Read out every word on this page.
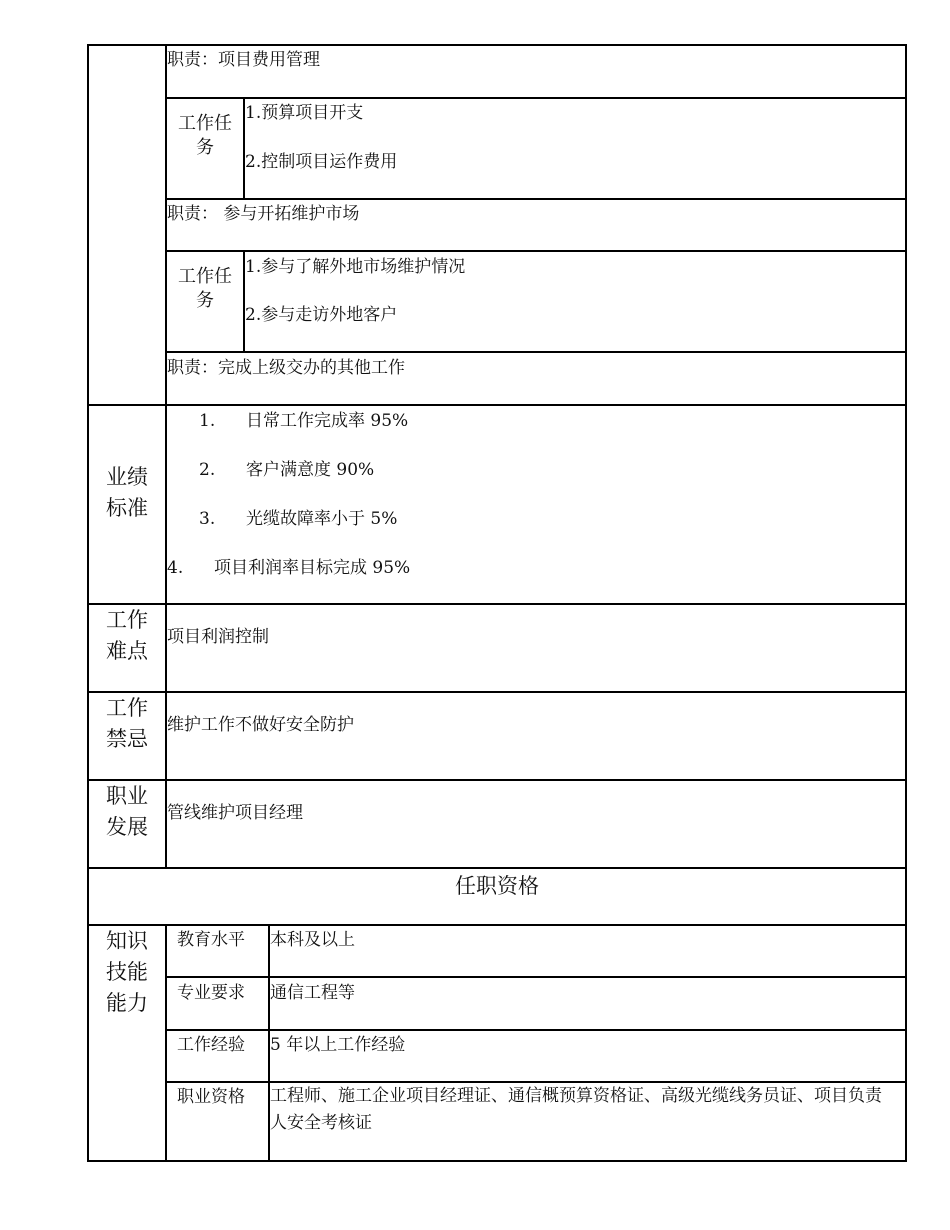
职责：项目费用管理
工作任务
1.预算项目开支
2.控制项目运作费用
职责： 参与开拓维护市场
工作任务
1.参与了解外地市场维护情况
2.参与走访外地客户
职责：完成上级交办的其他工作
业绩标准
1. 日常工作完成率 95%
2. 客户满意度 90%
3. 光缆故障率小于 5%
4. 项目利润率目标完成 95%
工作难点
项目利润控制
工作禁忌
维护工作不做好安全防护
职业发展
管线维护项目经理
任职资格
知识技能能力
教育水平 本科及以上
专业要求 通信工程等
工作经验 5 年以上工作经验
职业资格 工程师、施工企业项目经理证、通信概预算资格证、高级光缆线务员证、项目负责人安全考核证
